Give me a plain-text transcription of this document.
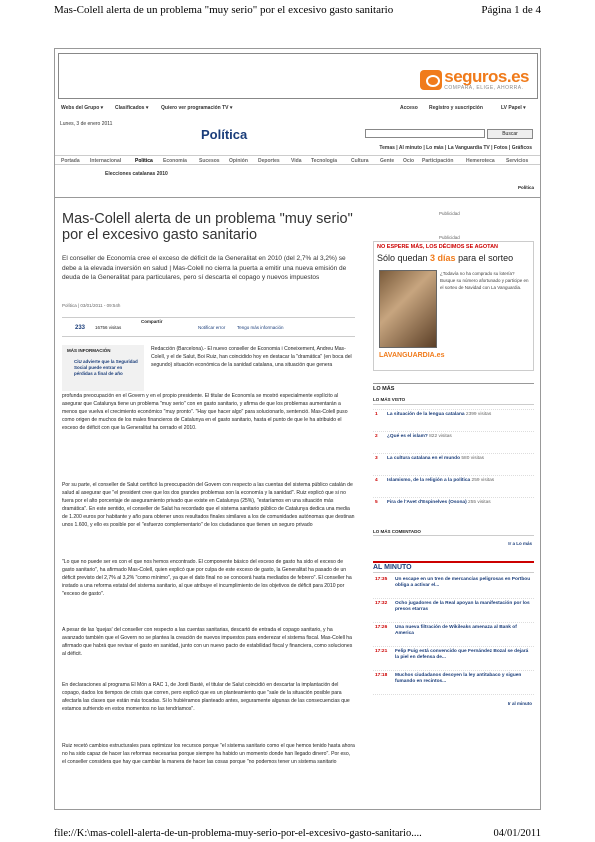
Mas-Colell alerta de un problema "muy serio" por el excesivo gasto sanitario	Página 1 de 4
seguros.es
COMPARA, ELIGE, AHORRA.
Webs del Grupo ▾ Clasificados ▾	Quiero ver programación TV ▾	Acceso Registro y suscripción	LV Papel ▾
Lunes, 3 de enero 2011
Política	Buscar
Temas | Al minuto | Lo más | La Vanguardia TV | Fotos | Gráficos
Portada Internacional	Política Economía Sucesos Opinión Deportes Vida Tecnología	Cultura Gente Ocio Participación	Hemeroteca Servicios
Elecciones catalanas 2010
Política
Mas-Colell alerta de un problema "muy serio" por el excesivo gasto sanitario
El conseller de Economía cree el exceso de déficit de la Generalitat en 2010 (del 2,7% al 3,2%) se debe a la elevada inversión en salud | Mas-Colell no cierra la puerta a emitir una nueva emisión de deuda de la Generalitat para particulares, pero sí descarta el copago y nuevos impuestos
Política | 03/01/2011 - 09:54h
233 16756 visitas
Compartir
Notificar error	Tengo más información
MÁS INFORMACIÓN
CiU advierte que la Seguridad Social puede entrar en pérdidas a final de año
Redacción (Barcelona).- El nuevo conseller de Economia i Coneixement, Andreu Mas-Colell, y el de Salut, Boi Ruiz, han coincidido hoy en destacar la "dramática" (en boca del segundo) situación económica de la sanidad catalana, una situación que genera
profunda preocupación en el Govern y en el propio presidente. El titular de Economía se mostró especialmente explícito al asegurar que Catalunya tiene un problema "muy serio" con en gasto sanitario, y afirma de que los problemas aumentarán a menos que vuelva el crecimiento económico "muy pronto". "Hay que hacer algo" para solucionarlo, sentenció. Mas-Colell puso como origen de muchos de los males financieros de Catalunya en el gasto sanitario, hasta el punto de que le ha atribuido el exceso de déficit con que la Generalitat ha cerrado el 2010.
Por su parte, el conseller de Salut certificó la preocupación del Govern con respecto a las cuentas del sistema público catalán de salud al asegurar que "el president cree que los dos grandes problemas son la economía y la sanidad". Ruiz explicó que si no fuera por el alto porcentaje de aseguramiento privado que existe en Catalunya (25%), "estaríamos en una situación más dramática". En este sentido, el conseller de Salut ha recordado que el sistema sanitario público de Catalunya dedica una media de 1.200 euros por habitante y año para obtener unos resultados finales similares a los de comunidades autónomas que destinan unos 1.600, y ello es posible por el "esfuerzo complementario" de los ciudadanos que tienen un seguro privado
"Lo que no puede ser es con el que nos hemos encontrado. El componente básico del exceso de gasto ha sido el exceso de gasto sanitario", ha afirmado Mas-Colell, quien explicó que por culpa de este exceso de gasto, la Generalitat ha pasado de un déficit previsto del 2,7% al 3,2% "como mínimo", ya que el dato final no se conocerá hasta mediados de febrero". El conseller ha instado a una reforma estatal del sistema sanitario, al que atribuye el incumplimiento de los objetivos de déficit para 2010 por "exceso de gasto".
A pesar de las 'quejas' del conseller con respecto a las cuentas sanitarias, descartó de entrada el copago sanitario, y ha avanzado también que el Govern no se plantea la creación de nuevos impuestos para enderezar el sistema fiscal. Mas-Colell ha afirmado que habrá que revisar el gasto en sanidad, junto con un nuevo pacto de estabilidad fiscal y financiera, como soluciones al déficit.
En declaraciones al programa El Món a RAC 1, de Jordi Basté, el titular de Salut coincidió en descartar la implantación del copago, dados los tiempos de crisis que corren, pero explicó que es un planteamiento que "sale de la situación posible para afectarla las clases que están más tocadas. Si lo hubiéramos planteado antes, seguramente algunas de las consecuencias que estamos sufriendo en estos momentos no las tendríamos".
Ruiz recetó cambios estructurales para optimizar los recursos porque "el sistema sanitario como el que hemos tenido hasta ahora no ha sido capaz de hacer las reformas necesarias porque siempre ha habido un momento donde han llegado dinero". Por eso, el conseller considera que hay que cambiar la manera de hacer las cosas porque "no podemos tener un sistema sanitario
Publicidad
Publicidad
NO ESPERE MÁS, LOS DÉCIMOS SE AGOTAN
Sólo quedan 3 días para el sorteo
¿Todavía no ha comprado su lotería? Busque su número afortunado y participe en el sorteo de Navidad con La Vanguardia.
LAVANGUARDIA.es
LO MÁS
LO MÁS VISTO
1 La situación de la lengua catalana 2399 visitas
2 ¿Qué es el islam? 822 visitas
3 La cultura catalana en el mundo 580 visitas
4 Islamismo, de la religión a la política 259 visitas
5 Fira de l'Avet d'Espinelves (Osona) 255 visitas
LO MÁS COMENTADO
Ir a Lo más
AL MINUTO
17:35 Un escape en un tren de mercancías peligrosas en Portbou obliga a activar el...
17:32 Ocho jugadores de la Real apoyan la manifestación por los presos etarras
17:26 Una nueva filtración de Wikileaks amenaza al Bank of America
17:21 Felip Puig está convencido que Fernández Bozal se dejará la piel en defensa de...
17:18 Muchos ciudadanos desoyen la ley antitabaco y siguen fumando en recintos...
Ir al minuto
file://K:\mas-colell-alerta-de-un-problema-muy-serio-por-el-excesivo-gasto-sanitario....	04/01/2011
